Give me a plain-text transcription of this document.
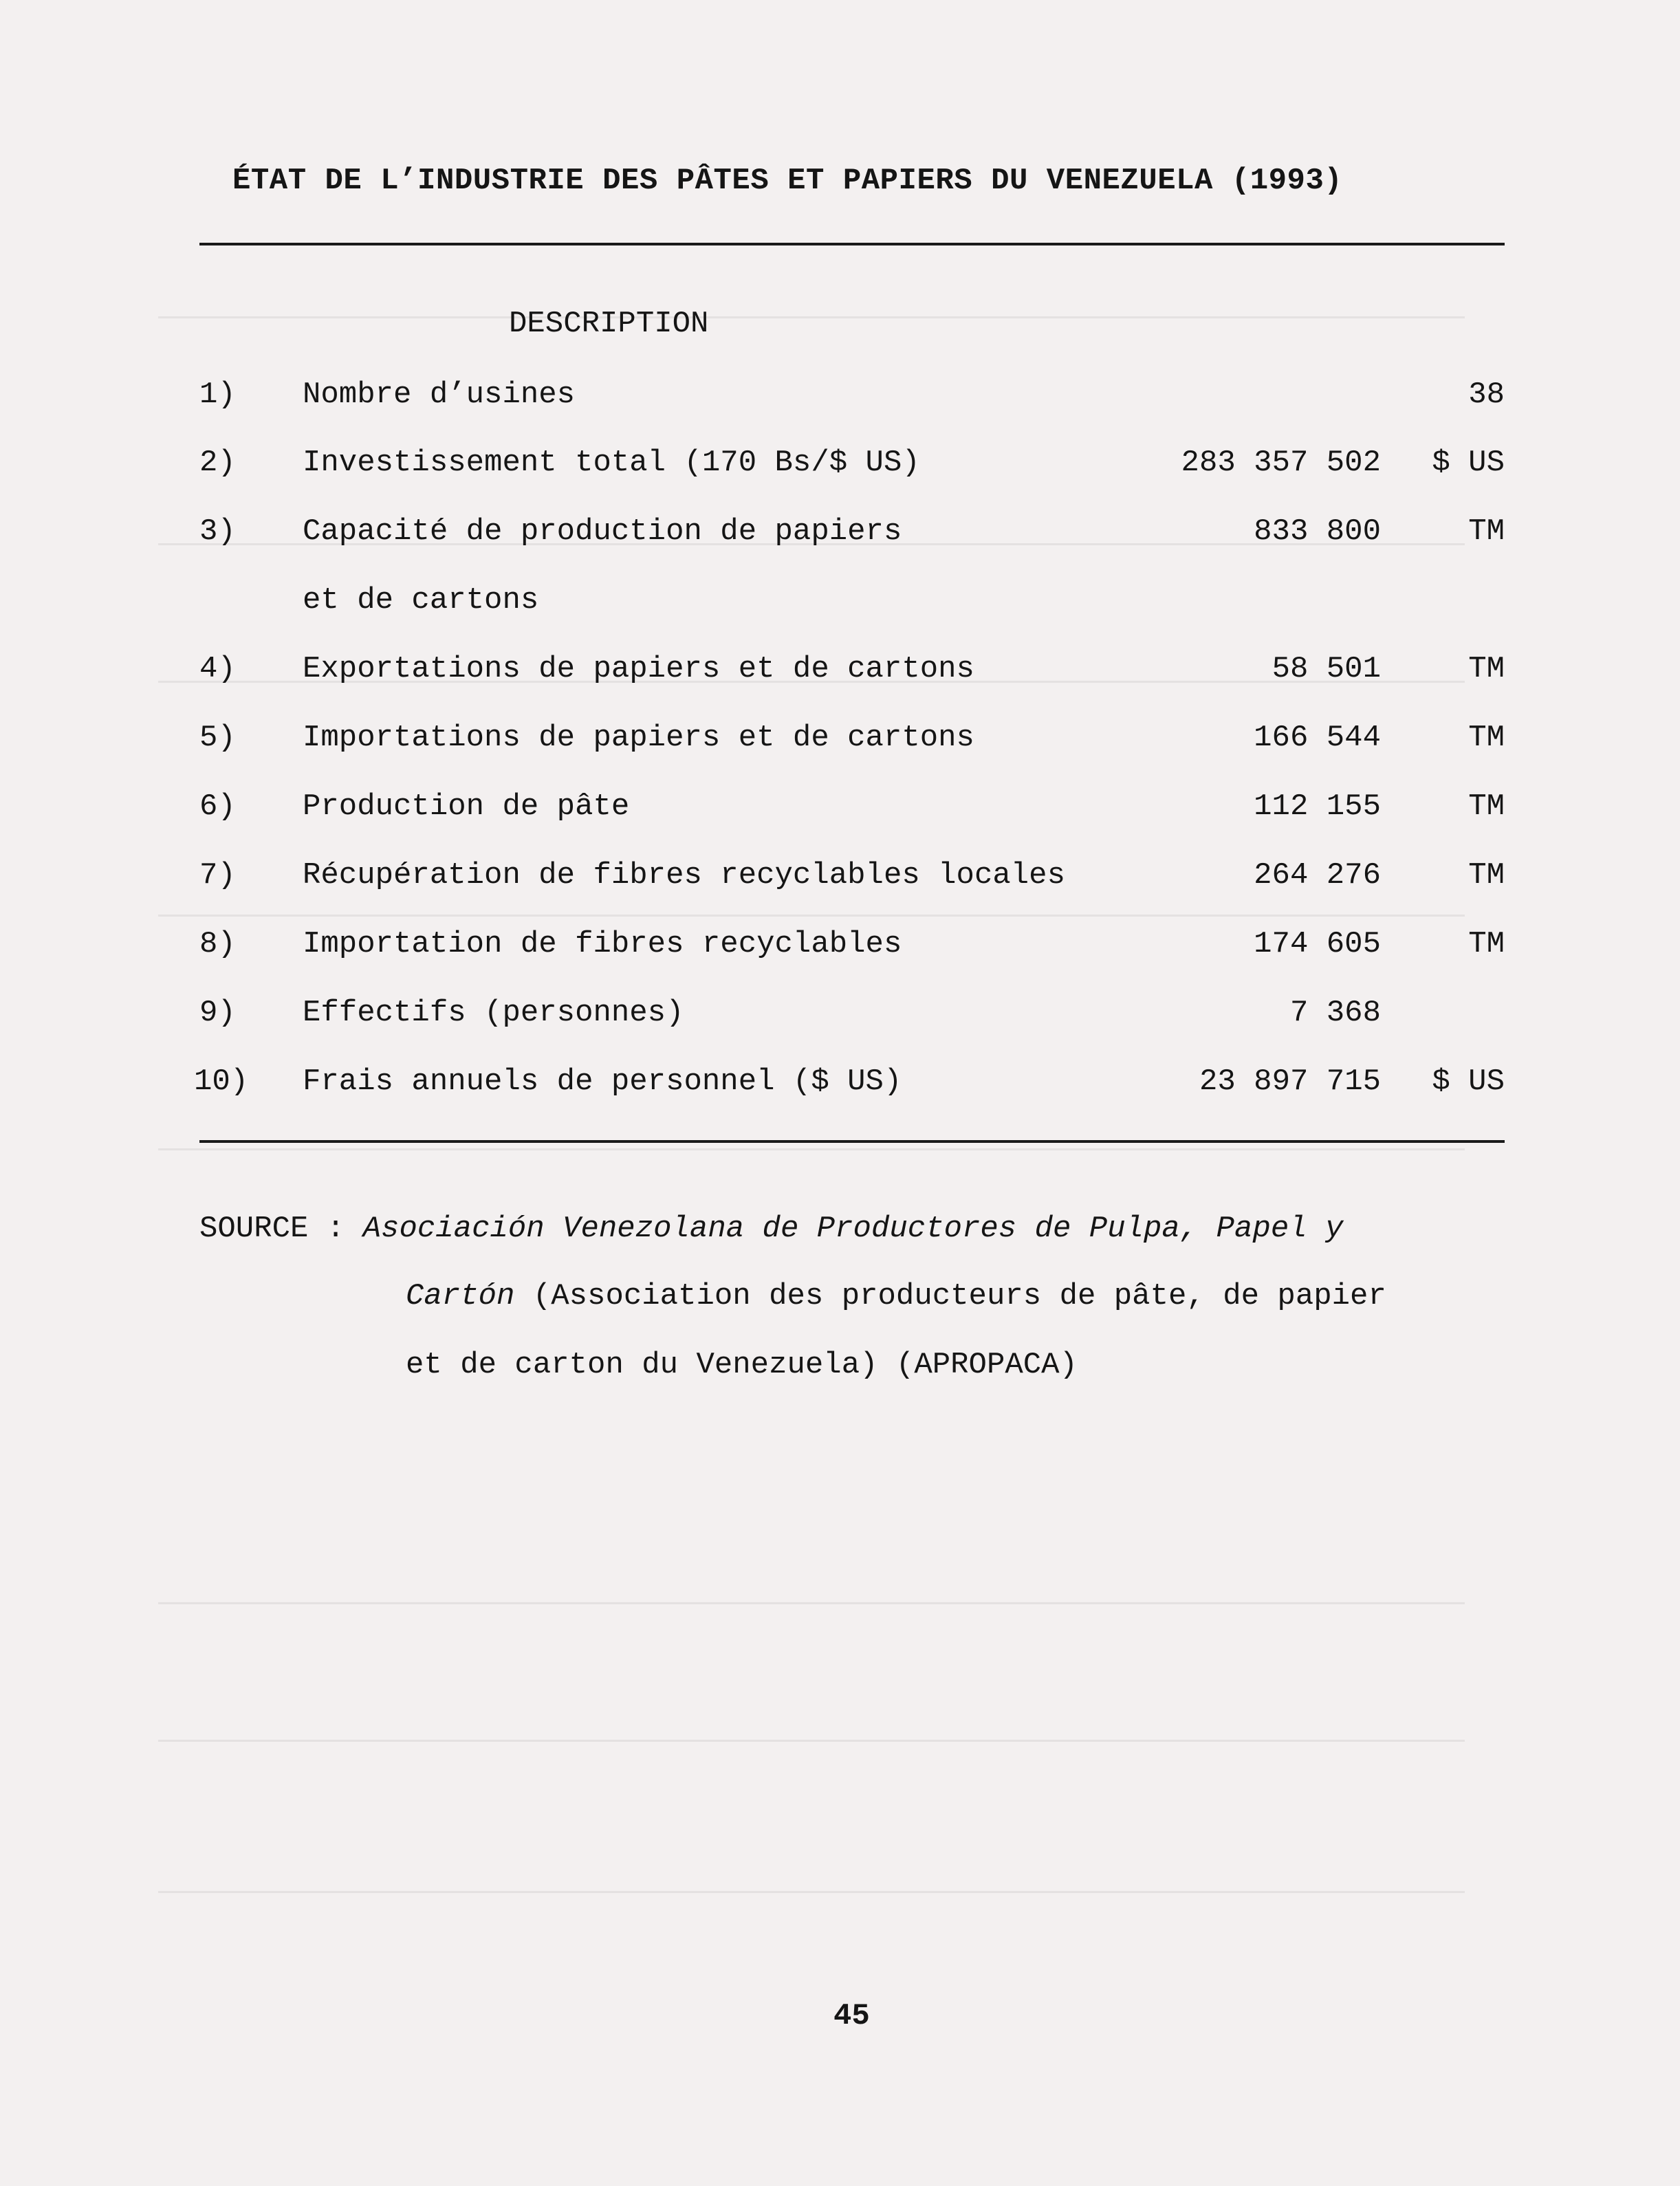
ÉTAT DE L’INDUSTRIE DES PÂTES ET PAPIERS DU VENEZUELA (1993)
DESCRIPTION
1) Nombre d’usines	38
2) Investissement total (170 Bs/$ US)	283 357 502 $ US
3) Capacité de production de papiers	833 800	TM
et de cartons
4) Exportations de papiers et de cartons	58 501	TM
5) Importations de papiers et de cartons	166 544	TM
6) Production de pâte	112 155	TM
7) Récupération de fibres recyclables locales	264 276	TM
8) Importation de fibres recyclables	174 605	TM
9) Effectifs (personnes)	7 368
10) Frais annuels de personnel ($ US)	23 897 715 $ US
SOURCE : Asociación Venezolana de Productores de Pulpa, Papel y
Cartón (Association des producteurs de pâte, de papier
et de carton du Venezuela) (APROPACA)
45
